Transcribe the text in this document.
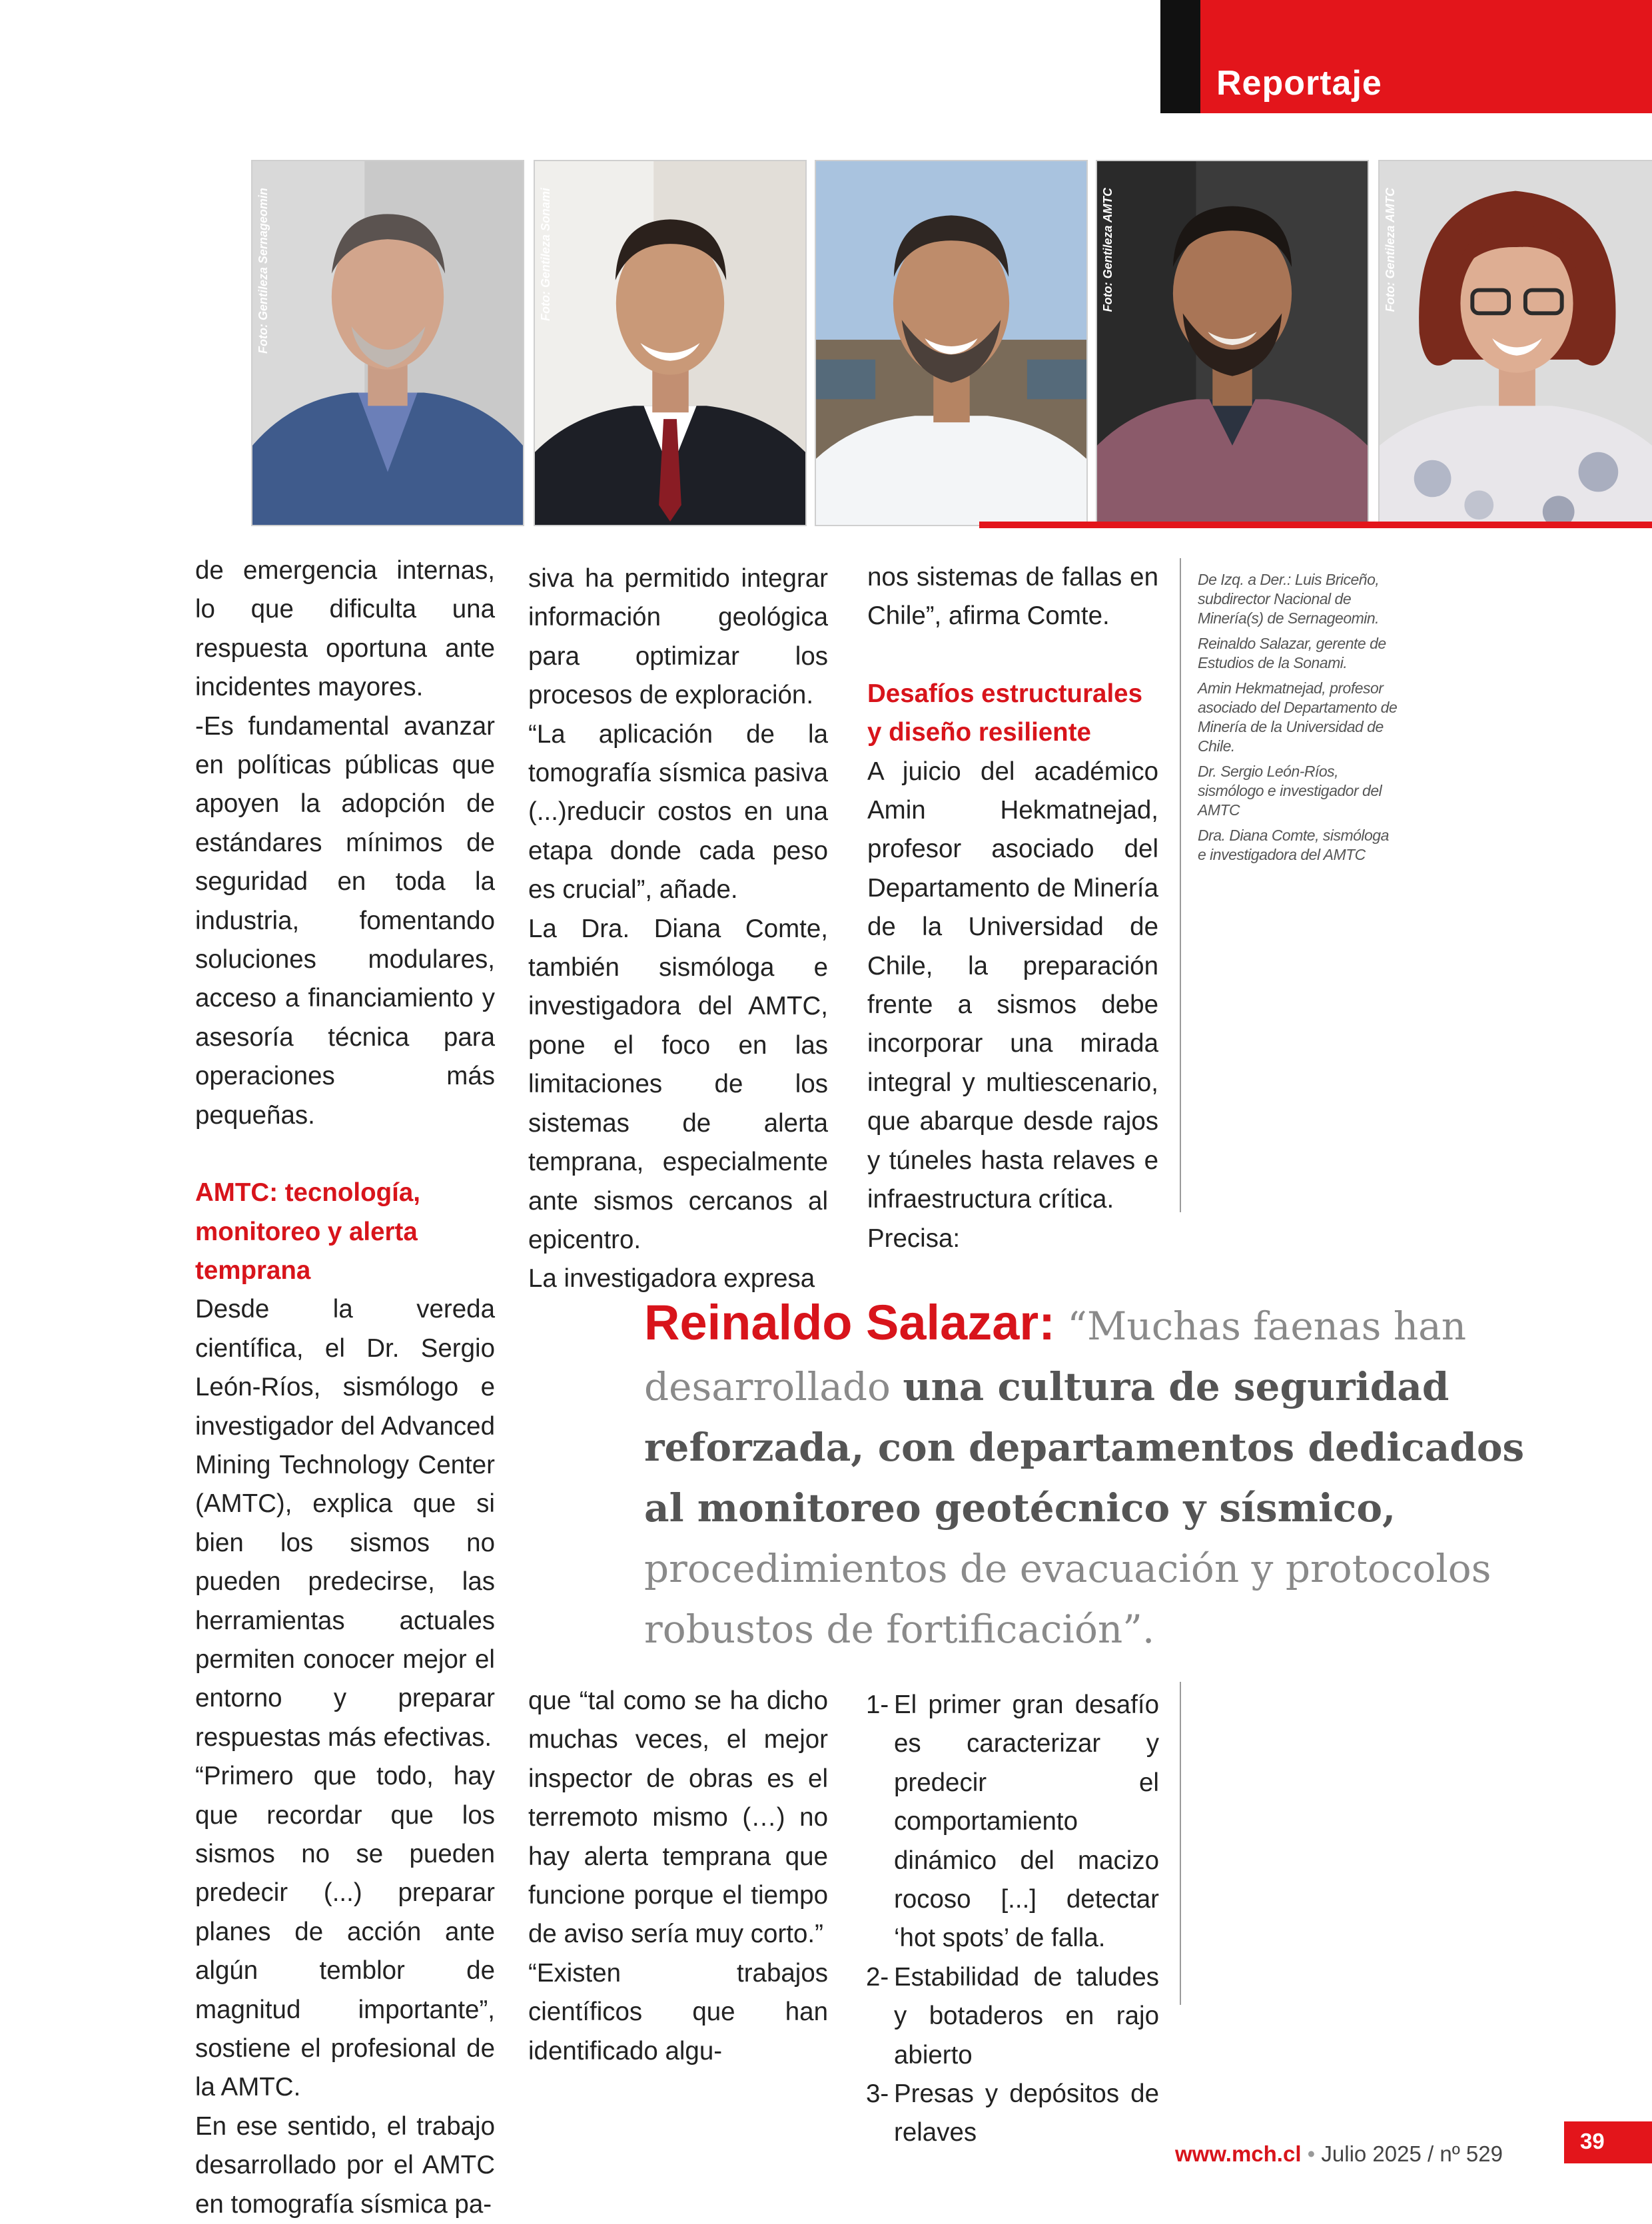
Reportaje
Foto: Gentileza Sernageomin	Foto: Gentileza Sonami	Foto: Gentileza AMTC	Foto: Gentileza AMTC

de emergencia internas, lo que dificulta una respuesta oportuna ante incidentes mayores.

-Es fundamental avanzar en políticas públicas que apoyen la adopción de estándares mínimos de seguridad en toda la industria, fomentando soluciones modulares, acceso a financiamiento y asesoría técnica para operaciones más pequeñas.

AMTC: tecnología, monitoreo y alerta temprana

Desde la vereda científica, el Dr. Sergio León-Ríos, sismólogo e investigador del Advanced Mining Technology Center (AMTC), explica que si bien los sismos no pueden predecirse, las herramientas actuales permiten conocer mejor el entorno y preparar respuestas más efectivas.

“Primero que todo, hay que recordar que los sismos no se pueden predecir (...) preparar planes de acción ante algún temblor de magnitud importante”, sostiene el profesional de la AMTC.

En ese sentido, el trabajo desarrollado por el AMTC en tomografía sísmica pa-

siva ha permitido integrar información geológica para optimizar los procesos de exploración.

“La aplicación de la tomografía sísmica pasiva (...)reducir costos en una etapa donde cada peso es crucial”, añade.

La Dra. Diana Comte, también sismóloga e investigadora del AMTC, pone el foco en las limitaciones de los sistemas de alerta temprana, especialmente ante sismos cercanos al epicentro.

La investigadora expresa

nos sistemas de fallas en Chile”, afirma Comte.

Desafíos estructurales y diseño resiliente

A juicio del académico Amin Hekmatnejad, profesor asociado del Departamento de Minería de la Universidad de Chile, la preparación frente a sismos debe incorporar una mirada integral y multiescenario, que abarque desde rajos y túneles hasta relaves e infraestructura crítica.

Precisa:

De Izq. a Der.: Luis Briceño, subdirector Nacional de Minería(s) de Sernageomin.

Reinaldo Salazar, gerente de Estudios de la Sonami.

Amin Hekmatnejad, profesor asociado del Departamento de Minería de la Universidad de Chile.

Dr. Sergio León-Ríos, sismólogo e investigador del AMTC

Dra. Diana Comte, sismóloga e investigadora del AMTC

Reinaldo Salazar: “Muchas faenas han desarrollado una cultura de seguridad reforzada, con departamentos dedicados al monitoreo geotécnico y sísmico, procedimientos de evacuación y protocolos robustos de fortificación”.

que “tal como se ha dicho muchas veces, el mejor inspector de obras es el terremoto mismo (…) no hay alerta temprana que funcione porque el tiempo de aviso sería muy corto.”

“Existen trabajos científicos que han identificado algu-

1- El primer gran desafío es caracterizar y predecir el comportamiento dinámico del macizo rocoso [...] detectar ‘hot spots’ de falla.
2- Estabilidad de taludes y botaderos en rajo abierto
3- Presas y depósitos de relaves
www.mch.cl • Julio 2025 / nº 529
39
